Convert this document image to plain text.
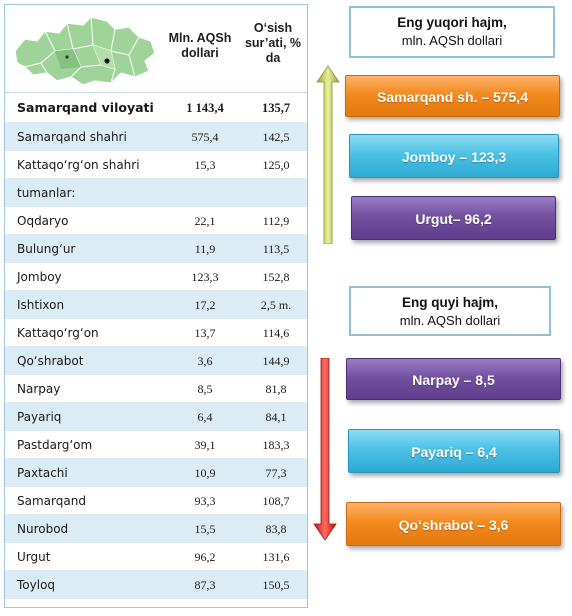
Mln. AQSh dollari
O‘sish sur’ati, % da
Samarqand viloyati	1 143,4	135,7
Samarqand shahri	575,4	142,5
Kattaqo‘rg‘on shahri	15,3	125,0
tumanlar:
Oqdaryo	22,1	112,9
Bulung‘ur	11,9	113,5
Jomboy	123,3	152,8
Ishtixon	17,2	2,5 m.
Kattaqo‘rg‘on	13,7	114,6
Qo‘shrabot	3,6	144,9
Narpay	8,5	81,8
Payariq	6,4	84,1
Pastdarg‘om	39,1	183,3
Paxtachi	10,9	77,3
Samarqand	93,3	108,7
Nurobod	15,5	83,8
Urgut	96,2	131,6
Toyloq	87,3	150,5
Eng yuqori hajm,
mln. AQSh dollari
Samarqand sh. – 575,4
Jomboy – 123,3
Urgut– 96,2
Eng quyi hajm,
mln. AQSh dollari
Narpay – 8,5
Payariq – 6,4
Qo‘shrabot – 3,6
